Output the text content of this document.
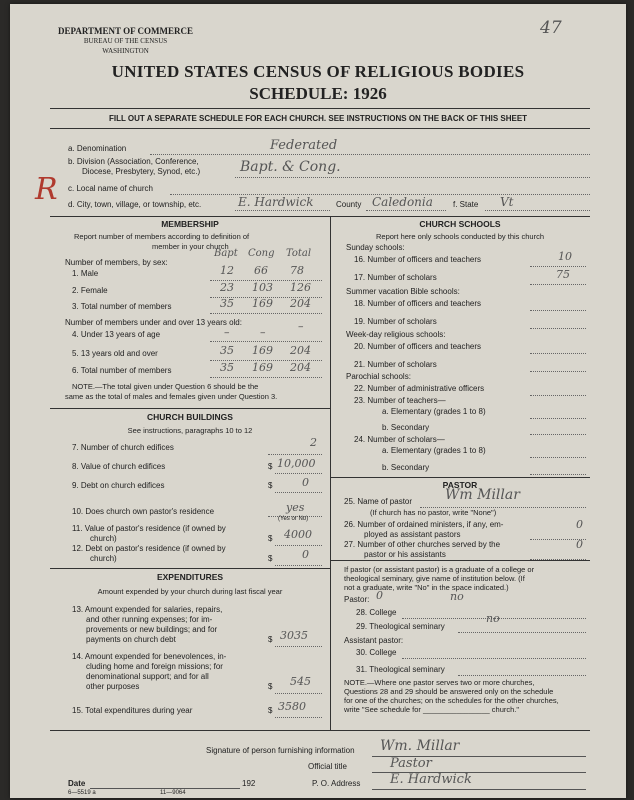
47
DEPARTMENT OF COMMERCE
BUREAU OF THE CENSUS
WASHINGTON
UNITED STATES CENSUS OF RELIGIOUS BODIES
SCHEDULE: 1926
FILL OUT A SEPARATE SCHEDULE FOR EACH CHURCH. SEE INSTRUCTIONS ON THE BACK OF THIS SHEET
a. Denomination	Federated
b. Division (Association, Conference,
Diocese, Presbytery, Synod, etc.)	Bapt. & Cong.
c. Local name of church
R d. City, town, village, or township, etc.	E. Hardwick	County Caledonia	f. State Vt
MEMBERSHIP
Report number of members according to definition of
member in your church
Number of members, by sex:
Bapt Cong Total
1. Male	12 66 78
2. Female	23 103 126
3. Total number of members	35 169 204
Number of members under and over 13 years old:
4. Under 13 years of age	–	–	–
5. 13 years old and over	35 169 204
6. Total number of members	35 169 204
NOTE.—The total given under Question 6 should be the
same as the total of males and females given under Question 3.
CHURCH BUILDINGS
See instructions, paragraphs 10 to 12
7. Number of church edifices	2
8. Value of church edifices	$ 10,000
9. Debt on church edifices	$	0
10. Does church own pastor's residence	yes
(Yes or No)
11. Value of pastor's residence (if owned by
church)	$ 4000
12. Debt on pastor's residence (if owned by
church)	$	0
EXPENDITURES
Amount expended by your church during last fiscal year
13. Amount expended for salaries, repairs,
and other running expenses; for im-
provements or new buildings; and for
payments on church debt	$ 3035
14. Amount expended for benevolences, in-
cluding home and foreign missions; for
denominational support; and for all
other purposes	$ 545
15. Total expenditures during year	$ 3580
CHURCH SCHOOLS
Report here only schools conducted by this church
Sunday schools:
16. Number of officers and teachers	10
17. Number of scholars	75
Summer vacation Bible schools:
18. Number of officers and teachers
19. Number of scholars
Week-day religious schools:
20. Number of officers and teachers
21. Number of scholars
Parochial schools:
22. Number of administrative officers
23. Number of teachers—
a. Elementary (grades 1 to 8)
b. Secondary
24. Number of scholars—
a. Elementary (grades 1 to 8)
b. Secondary
PASTOR
25. Name of pastor Wm Millar
(If church has no pastor, write "None")
26. Number of ordained ministers, if any, em-
ployed as assistant pastors
0
27. Number of other churches served by the
pastor or his assistants
0
If pastor (or assistant pastor) is a graduate of a college or
theological seminary, give name of institution below. (If
not a graduate, write "No" in the space indicated.)
Pastor: 0
28. College
no
29. Theological seminary
no
Assistant pastor:
30. College
31. Theological seminary
NOTE.—Where one pastor serves two or more churches,
Questions 28 and 29 should be answered only on the schedule
for one of the churches; on the schedules for the other churches,
write "See schedule for ________________ church."
Signature of person furnishing information Wm. Millar
Official title	Pastor
Date	192	P. O. Address E. Hardwick
6—5519 a	11—9064
